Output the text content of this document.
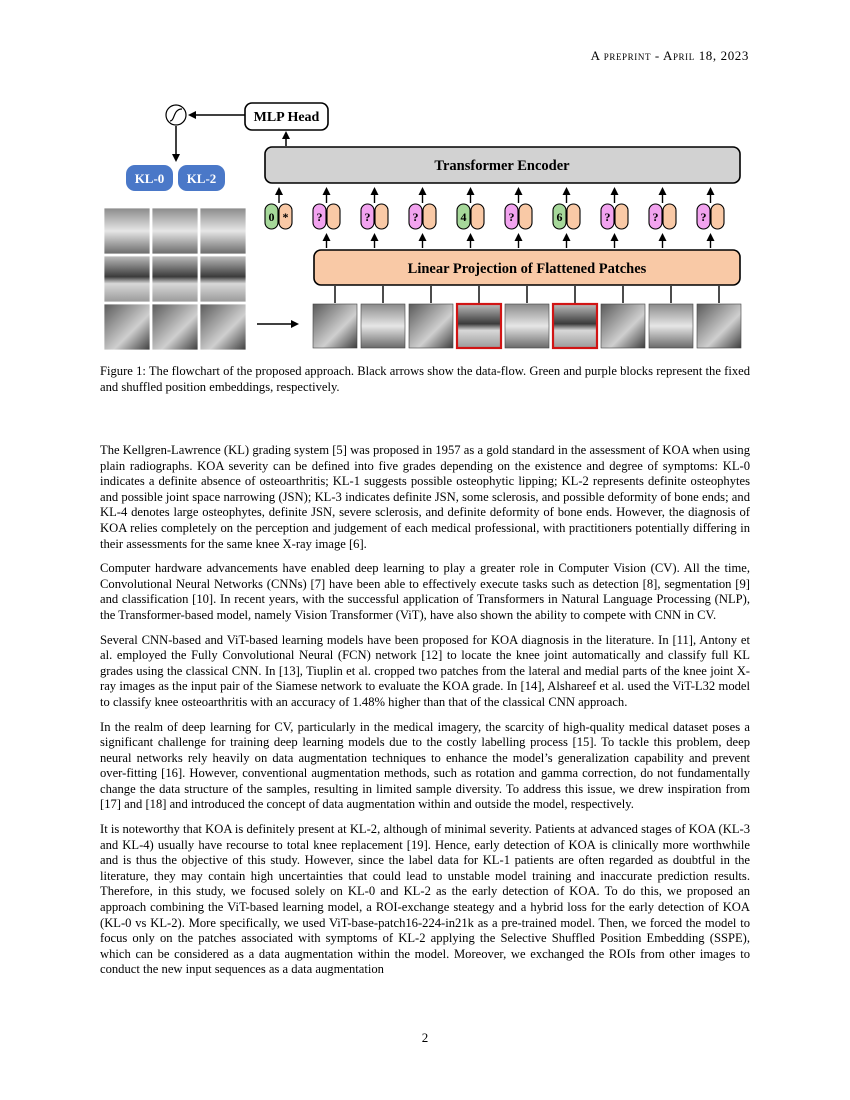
A preprint - April 18, 2023
MLP Head
KL-0 KL-2
Transformer Encoder
0 * ?	?	?	4	?	6	?	?	?
Linear Projection of Flattened Patches
Figure 1: The flowchart of the proposed approach. Black arrows show the data-flow. Green and purple blocks represent the fixed and shuffled position embeddings, respectively.

The Kellgren-Lawrence (KL) grading system [5] was proposed in 1957 as a gold standard in the assessment of KOA when using plain radiographs. KOA severity can be defined into five grades depending on the existence and degree of symptoms: KL-0 indicates a definite absence of osteoarthritis; KL-1 suggests possible osteophytic lipping; KL-2 represents definite osteophytes and possible joint space narrowing (JSN); KL-3 indicates definite JSN, some sclerosis, and possible deformity of bone ends; and KL-4 denotes large osteophytes, definite JSN, severe sclerosis, and definite deformity of bone ends. However, the diagnosis of KOA relies completely on the perception and judgement of each medical professional, with practitioners potentially differing in their assessments for the same knee X-ray image [6].

Computer hardware advancements have enabled deep learning to play a greater role in Computer Vision (CV). All the time, Convolutional Neural Networks (CNNs) [7] have been able to effectively execute tasks such as detection [8], segmentation [9] and classification [10]. In recent years, with the successful application of Transformers in Natural Language Processing (NLP), the Transformer-based model, namely Vision Transformer (ViT), have also shown the ability to compete with CNN in CV.

Several CNN-based and ViT-based learning models have been proposed for KOA diagnosis in the literature. In [11], Antony et al. employed the Fully Convolutional Neural (FCN) network [12] to locate the knee joint automatically and classify full KL grades using the classical CNN. In [13], Tiuplin et al. cropped two patches from the lateral and medial parts of the knee joint X-ray images as the input pair of the Siamese network to evaluate the KOA grade. In [14], Alshareef et al. used the ViT-L32 model to classify knee osteoarthritis with an accuracy of 1.48% higher than that of the classical CNN approach.

In the realm of deep learning for CV, particularly in the medical imagery, the scarcity of high-quality medical dataset poses a significant challenge for training deep learning models due to the costly labelling process [15]. To tackle this problem, deep neural networks rely heavily on data augmentation techniques to enhance the model’s generalization capability and prevent over-fitting [16]. However, conventional augmentation methods, such as rotation and gamma correction, do not fundamentally change the data structure of the samples, resulting in limited sample diversity. To address this issue, we drew inspiration from [17] and [18] and introduced the concept of data augmentation within and outside the model, respectively.

It is noteworthy that KOA is definitely present at KL-2, although of minimal severity. Patients at advanced stages of KOA (KL-3 and KL-4) usually have recourse to total knee replacement [19]. Hence, early detection of KOA is clinically more worthwhile and is thus the objective of this study. However, since the label data for KL-1 patients are often regarded as doubtful in the literature, they may contain high uncertainties that could lead to unstable model training and inaccurate prediction results. Therefore, in this study, we focused solely on KL-0 and KL-2 as the early detection of KOA. To do this, we proposed an approach combining the ViT-based learning model, a ROI-exchange steategy and a hybrid loss for the early detection of KOA (KL-0 vs KL-2). More specifically, we used ViT-base-patch16-224-in21k as a pre-trained model. Then, we forced the model to focus only on the patches associated with symptoms of KL-2 applying the Selective Shuffled Position Embedding (SSPE), which can be considered as a data augmentation within the model. Moreover, we exchanged the ROIs from other images to conduct the new input sequences as a data augmentation

2
